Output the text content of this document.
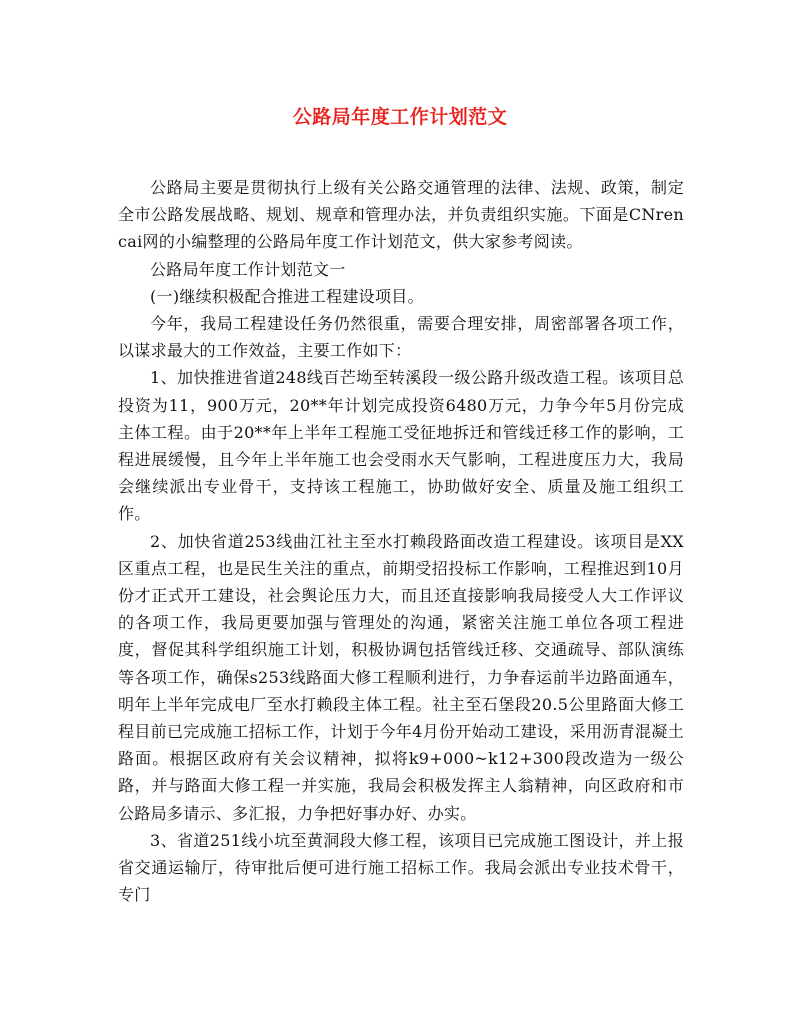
公路局年度工作计划范文

公路局主要是贯彻执行上级有关公路交通管理的法律、法规、政策，制定全市公路发展战略、规划、规章和管理办法，并负责组织实施。下面是CNrencai网的小编整理的公路局年度工作计划范文，供大家参考阅读。

公路局年度工作计划范文一

(一)继续积极配合推进工程建设项目。

今年，我局工程建设任务仍然很重，需要合理安排，周密部署各项工作，以谋求最大的工作效益，主要工作如下：

1、加快推进省道248线百芒坳至转溪段一级公路升级改造工程。该项目总投资为11，900万元，20**年计划完成投资6480万元，力争今年5月份完成主体工程。由于20**年上半年工程施工受征地拆迁和管线迁移工作的影响，工程进展缓慢，且今年上半年施工也会受雨水天气影响，工程进度压力大，我局会继续派出专业骨干，支持该工程施工，协助做好安全、质量及施工组织工作。

2、加快省道253线曲江社主至水打赖段路面改造工程建设。该项目是XX区重点工程，也是民生关注的重点，前期受招投标工作影响，工程推迟到10月份才正式开工建设，社会舆论压力大，而且还直接影响我局接受人大工作评议的各项工作，我局更要加强与管理处的沟通，紧密关注施工单位各项工程进度，督促其科学组织施工计划，积极协调包括管线迁移、交通疏导、部队演练等各项工作，确保s253线路面大修工程顺利进行，力争春运前半边路面通车，明年上半年完成电厂至水打赖段主体工程。社主至石堡段20.5公里路面大修工程目前已完成施工招标工作，计划于今年4月份开始动工建设，采用沥青混凝土路面。根据区政府有关会议精神，拟将k9+000~k12+300段改造为一级公路，并与路面大修工程一并实施，我局会积极发挥主人翁精神，向区政府和市公路局多请示、多汇报，力争把好事办好、办实。

3、省道251线小坑至黄洞段大修工程，该项目已完成施工图设计，并上报省交通运输厅，待审批后便可进行施工招标工作。我局会派出专业技术骨干，专门
